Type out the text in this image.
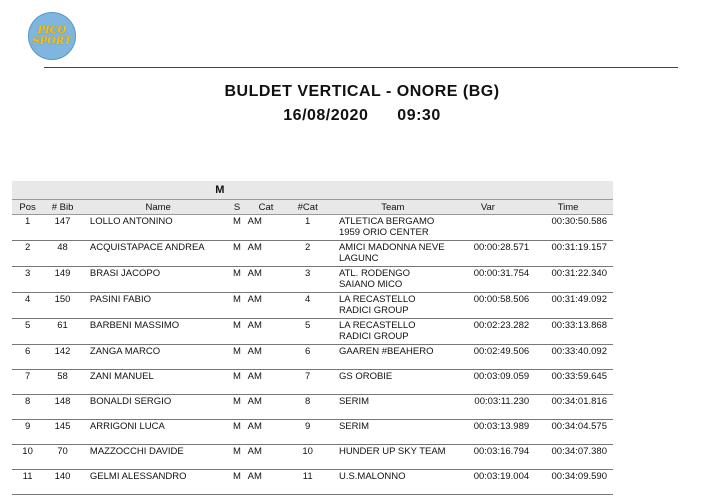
PICO
SPORT
BULDET VERTICAL - ONORE (BG)
16/08/2020 09:30
M								
Pos	# Bib	Name	S	Cat	#Cat	Team	Var	Time
1	147	LOLLO ANTONINO	M	AM	1	ATLETICA BERGAMO 1959 ORIO CENTER		00:30:50.586
2	48	ACQUISTAPACE ANDREA	M	AM	2	AMICI MADONNA NEVE LAGUNC	00:00:28.571	00:31:19.157
3	149	BRASI JACOPO	M	AM	3	ATL. RODENGO SAIANO MICO	00:00:31.754	00:31:22.340
4	150	PASINI FABIO	M	AM	4	LA RECASTELLO RADICI GROUP	00:00:58.506	00:31:49.092
5	61	BARBENI MASSIMO	M	AM	5	LA RECASTELLO RADICI GROUP	00:02:23.282	00:33:13.868
6	142	ZANGA MARCO	M	AM	6	GAAREN #BEAHERO	00:02:49.506	00:33:40.092
7	58	ZANI MANUEL	M	AM	7	GS OROBIE	00:03:09.059	00:33:59.645
8	148	BONALDI SERGIO	M	AM	8	SERIM	00:03:11.230	00:34:01.816
9	145	ARRIGONI LUCA	M	AM	9	SERIM	00:03:13.989	00:34:04.575
10	70	MAZZOCCHI DAVIDE	M	AM	10	HUNDER UP SKY TEAM	00:03:16.794	00:34:07.380
11	140	GELMI ALESSANDRO	M	AM	11	U.S.MALONNO	00:03:19.004	00:34:09.590
